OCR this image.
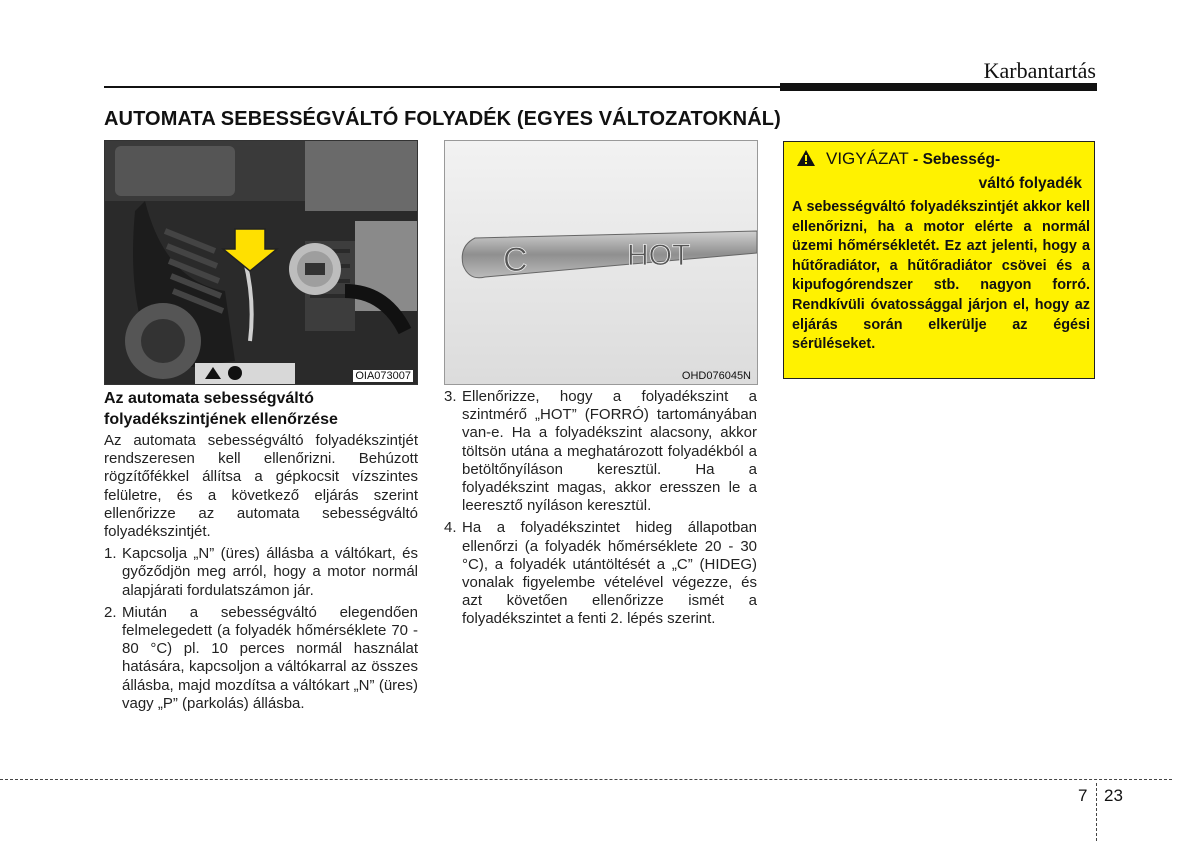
Karbantartás
AUTOMATA SEBESSÉGVÁLTÓ FOLYADÉK (EGYES VÁLTOZATOKNÁL)
OIA073007
C	HOT
OHD076045N
VIGYÁZAT - Sebesség-
váltó folyadék
A sebességváltó folyadékszintjét akkor kell ellenőrizni, ha a motor elérte a normál üzemi hőmérsékletét. Ez azt jelenti, hogy a hűtőradiátor, a hűtőradiátor csövei és a kipufogórendszer stb. nagyon forró. Rendkívüli óvatossággal járjon el, hogy az eljárás során elkerülje az égési sérüléseket.
Az automata sebességváltó folyadékszintjének ellenőrzése

Az automata sebességváltó folyadékszintjét rendszeresen kell ellenőrizni. Behúzott rögzítőfékkel állítsa a gépkocsit vízszintes felületre, és a következő eljárás szerint ellenőrizze az automata sebességváltó folyadékszintjét.

1. Kapcsolja „N” (üres) állásba a váltókart, és győződjön meg arról, hogy a motor normál alapjárati fordulatszámon jár.
2. Miután a sebességváltó elegendően felmelegedett (a folyadék hőmérséklete 70 - 80 °C) pl. 10 perces normál használat hatására, kapcsoljon a váltókarral az összes állásba, majd mozdítsa a váltókart „N” (üres) vagy „P” (parkolás) állásba.
3. Ellenőrizze, hogy a folyadékszint a szintmérő „HOT” (FORRÓ) tartományában van-e. Ha a folyadékszint alacsony, akkor töltsön utána a meghatározott folyadékból a betöltőnyíláson keresztül. Ha a folyadékszint magas, akkor eresszen le a leeresztő nyíláson keresztül.
4. Ha a folyadékszintet hideg állapotban ellenőrzi (a folyadék hőmérséklete 20 - 30 °C), a folyadék utántöltését a „C” (HIDEG) vonalak figyelembe vételével végezze, és azt követően ellenőrizze ismét a folyadékszintet a fenti 2. lépés szerint.
7 23
